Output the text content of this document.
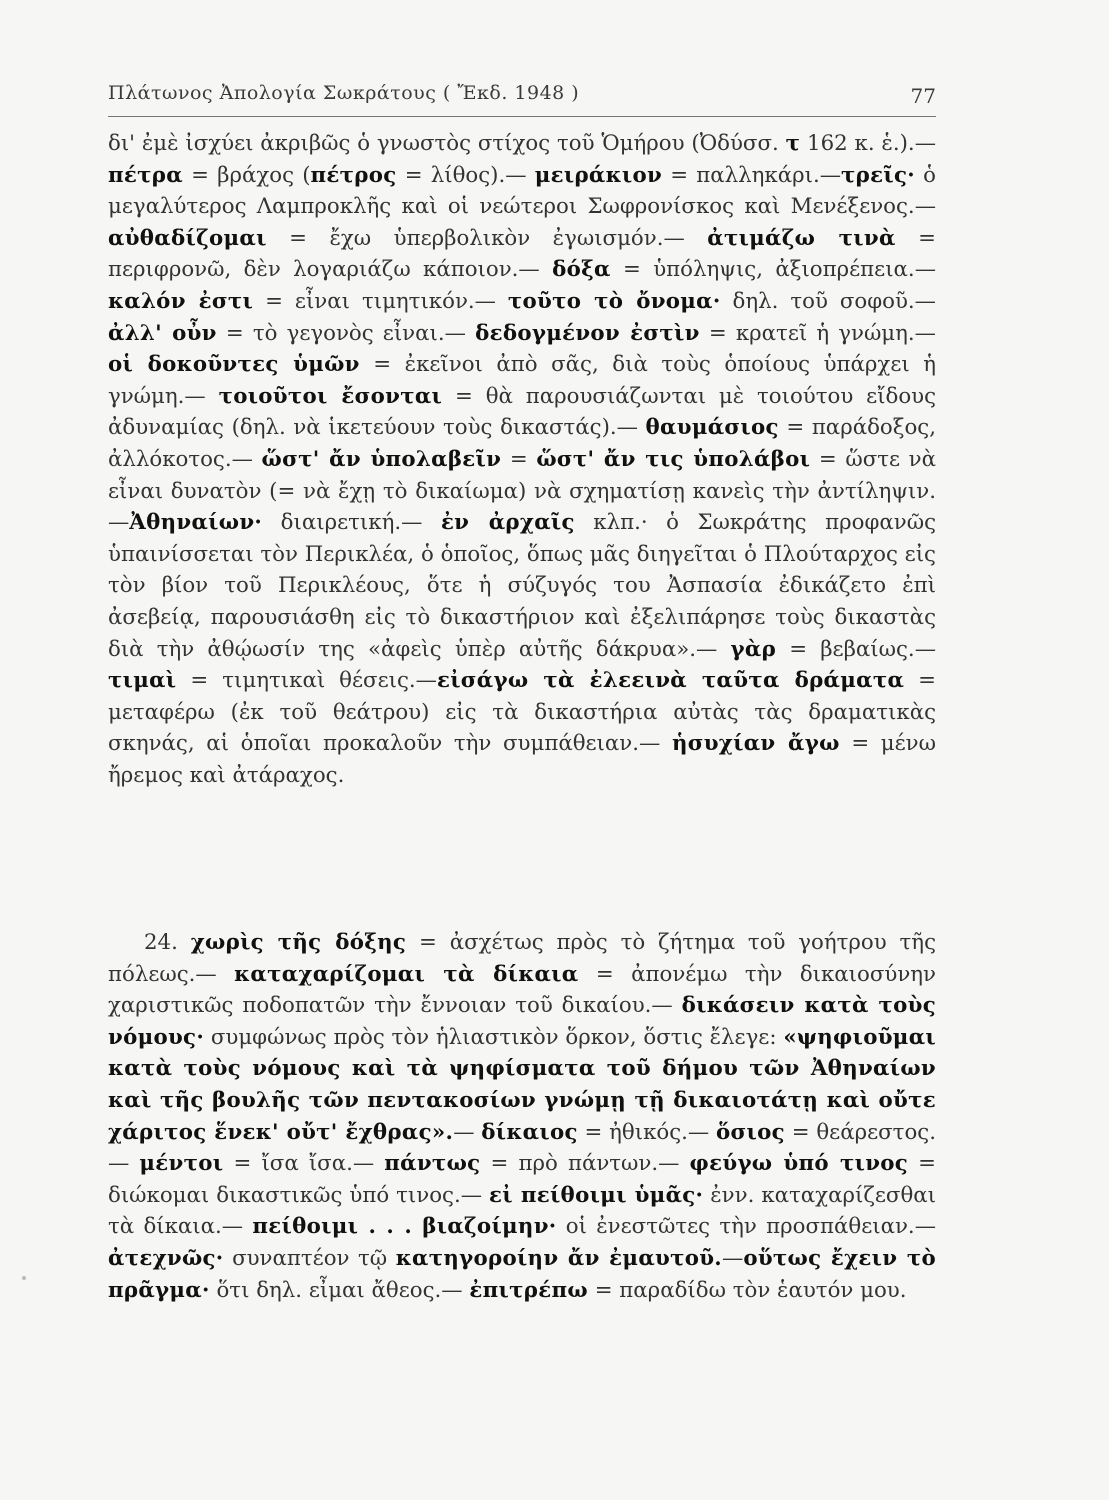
Πλάτωνος Ἀπολογία Σωκράτους ( Ἔκδ. 1948 )	77
δι' ἐμὲ ἰσχύει ἀκριβῶς ὁ γνωστὸς στίχος τοῦ Ὁμήρου (Ὀδύσσ. τ 162 κ. ἑ.).— πέτρα = βράχος (πέτρος = λίθος).— μειράκιον = παλληκάρι.—τρεῖς· ὁ μεγαλύτερος Λαμπροκλῆς καὶ οἱ νεώτεροι Σωφρονίσκος καὶ Μενέξενος.— αὐθαδίζομαι = ἔχω ὑπερβολικὸν ἐγωισμόν.— ἀτιμάζω τινὰ = περιφρονῶ, δὲν λογαριάζω κάποιον.— δόξα = ὑπόληψις, ἀξιοπρέπεια.— καλόν ἐστι = εἶναι τιμητικόν.— τοῦτο τὸ ὄνομα· δηλ. τοῦ σοφοῦ.— ἀλλ' οὖν = τὸ γεγονὸς εἶναι.— δεδογμένον ἐστὶν = κρατεῖ ἡ γνώμη.— οἱ δοκοῦντες ὑμῶν = ἐκεῖνοι ἀπὸ σᾶς, διὰ τοὺς ὁποίους ὑπάρχει ἡ γνώμη.— τοιοῦτοι ἔσονται = θὰ παρουσιάζωνται μὲ τοιούτου εἴδους ἀδυναμίας (δηλ. νὰ ἱκετεύουν τοὺς δικαστάς).— θαυμάσιος = παράδοξος, ἀλλόκοτος.— ὥστ' ἄν ὑπολαβεῖν = ὥστ' ἄν τις ὑπολάβοι = ὥστε νὰ εἶναι δυνατὸν (= νὰ ἔχῃ τὸ δικαίωμα) νὰ σχηματίσῃ κανεὶς τὴν ἀντίληψιν.—Ἀθηναίων· διαιρετική.— ἐν ἀρχαῖς κλπ.· ὁ Σωκράτης προφανῶς ὑπαινίσσεται τὸν Περικλέα, ὁ ὁποῖος, ὅπως μᾶς διηγεῖται ὁ Πλούταρχος εἰς τὸν βίον τοῦ Περικλέους, ὅτε ἡ σύζυγός του Ἀσπασία ἐδικάζετο ἐπὶ ἀσεβείᾳ, παρουσιάσθη εἰς τὸ δικαστήριον καὶ ἐξελιπάρησε τοὺς δικαστὰς διὰ τὴν ἀθῴωσίν της «ἀφεὶς ὑπὲρ αὐτῆς δάκρυα».— γὰρ = βεβαίως.— τιμαὶ = τιμητικαὶ θέσεις.—εἰσάγω τὰ ἐλεεινὰ ταῦτα δράματα = μεταφέρω (ἐκ τοῦ θεάτρου) εἰς τὰ δικαστήρια αὐτὰς τὰς δραματικὰς σκηνάς, αἱ ὁποῖαι προκαλοῦν τὴν συμπάθειαν.— ἡσυχίαν ἄγω = μένω ἤρεμος καὶ ἀτάραχος.
24. χωρὶς τῆς δόξης = ἀσχέτως πρὸς τὸ ζήτημα τοῦ γοήτρου τῆς πόλεως.— καταχαρίζομαι τὰ δίκαια = ἀπονέμω τὴν δικαιοσύνην χαριστικῶς ποδοπατῶν τὴν ἔννοιαν τοῦ δικαίου.— δικάσειν κατὰ τοὺς νόμους· συμφώνως πρὸς τὸν ἡλιαστικὸν ὅρκον, ὅστις ἔλεγε: «ψηφιοῦμαι κατὰ τοὺς νόμους καὶ τὰ ψηφίσματα τοῦ δήμου τῶν Ἀθηναίων καὶ τῆς βουλῆς τῶν πεντακοσίων γνώμῃ τῇ δικαιοτάτῃ καὶ οὔτε χάριτος ἕνεκ' οὔτ' ἔχθρας».— δίκαιος = ἠθικός.— ὅσιος = θεάρεστος.— μέντοι = ἴσα ἴσα.— πάντως = πρὸ πάντων.— φεύγω ὑπό τινος = διώκομαι δικαστικῶς ὑπό τινος.— εἰ πείθοιμι ὑμᾶς· ἐνν. καταχαρίζεσθαι τὰ δίκαια.— πείθοιμι . . . βιαζοίμην· οἱ ἐνεστῶτες τὴν προσπάθειαν.—ἀτεχνῶς· συναπτέον τῷ κατηγοροίην ἄν ἐμαυτοῦ.—οὕτως ἔχειν τὸ πρᾶγμα· ὅτι δηλ. εἶμαι ἄθεος.— ἐπιτρέπω = παραδίδω τὸν ἑαυτόν μου.
